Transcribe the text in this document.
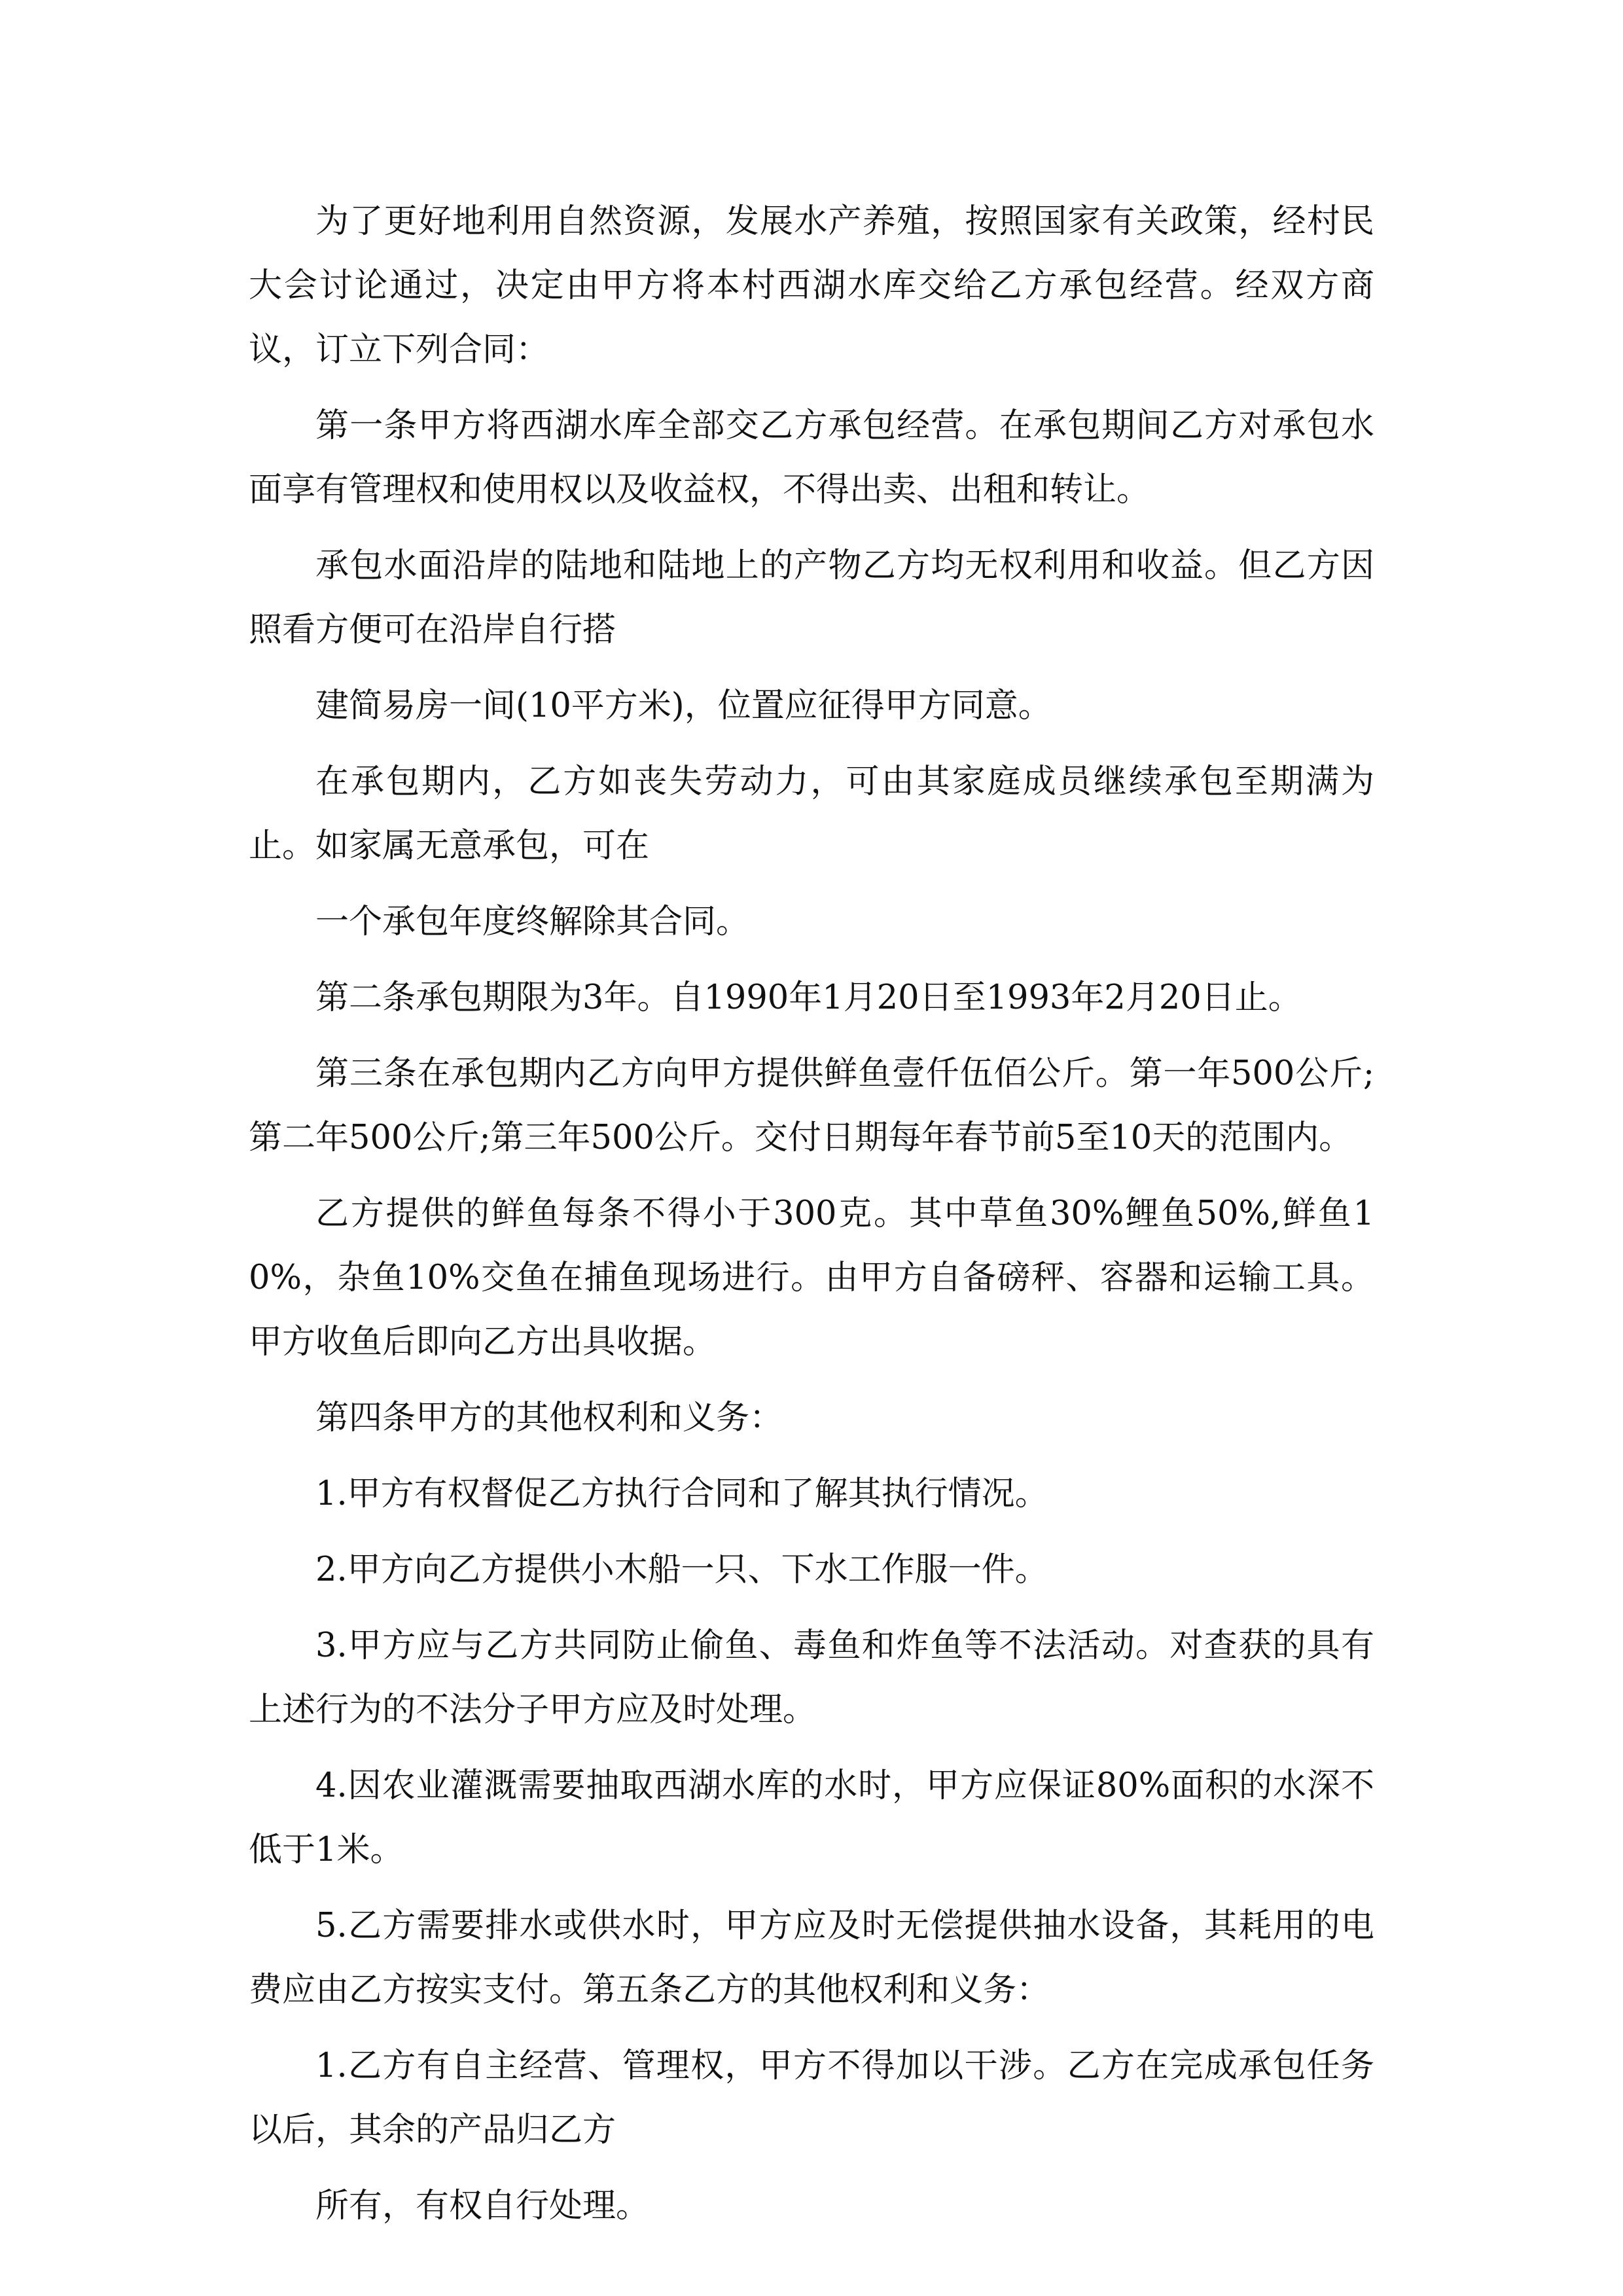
为了更好地利用自然资源，发展水产养殖，按照国家有关政策，经村民大会讨论通过，决定由甲方将本村西湖水库交给乙方承包经营。经双方商议，订立下列合同：

第一条甲方将西湖水库全部交乙方承包经营。在承包期间乙方对承包水面享有管理权和使用权以及收益权，不得出卖、出租和转让。

承包水面沿岸的陆地和陆地上的产物乙方均无权利用和收益。但乙方因照看方便可在沿岸自行搭

建简易房一间(10平方米)，位置应征得甲方同意。

在承包期内，乙方如丧失劳动力，可由其家庭成员继续承包至期满为止。如家属无意承包，可在

一个承包年度终解除其合同。

第二条承包期限为3年。自1990年1月20日至1993年2月20日止。

第三条在承包期内乙方向甲方提供鲜鱼壹仟伍佰公斤。第一年500公斤;第二年500公斤;第三年500公斤。交付日期每年春节前5至10天的范围内。

乙方提供的鲜鱼每条不得小于300克。其中草鱼30%鲤鱼50%,鲜鱼10%，杂鱼10%交鱼在捕鱼现场进行。由甲方自备磅秤、容器和运输工具。甲方收鱼后即向乙方出具收据。

第四条甲方的其他权利和义务：

1.甲方有权督促乙方执行合同和了解其执行情况。

2.甲方向乙方提供小木船一只、下水工作服一件。

3.甲方应与乙方共同防止偷鱼、毒鱼和炸鱼等不法活动。对查获的具有上述行为的不法分子甲方应及时处理。

4.因农业灌溉需要抽取西湖水库的水时，甲方应保证80%面积的水深不低于1米。

5.乙方需要排水或供水时，甲方应及时无偿提供抽水设备，其耗用的电费应由乙方按实支付。第五条乙方的其他权利和义务：

1.乙方有自主经营、管理权，甲方不得加以干涉。乙方在完成承包任务以后，其余的产品归乙方

所有，有权自行处理。
